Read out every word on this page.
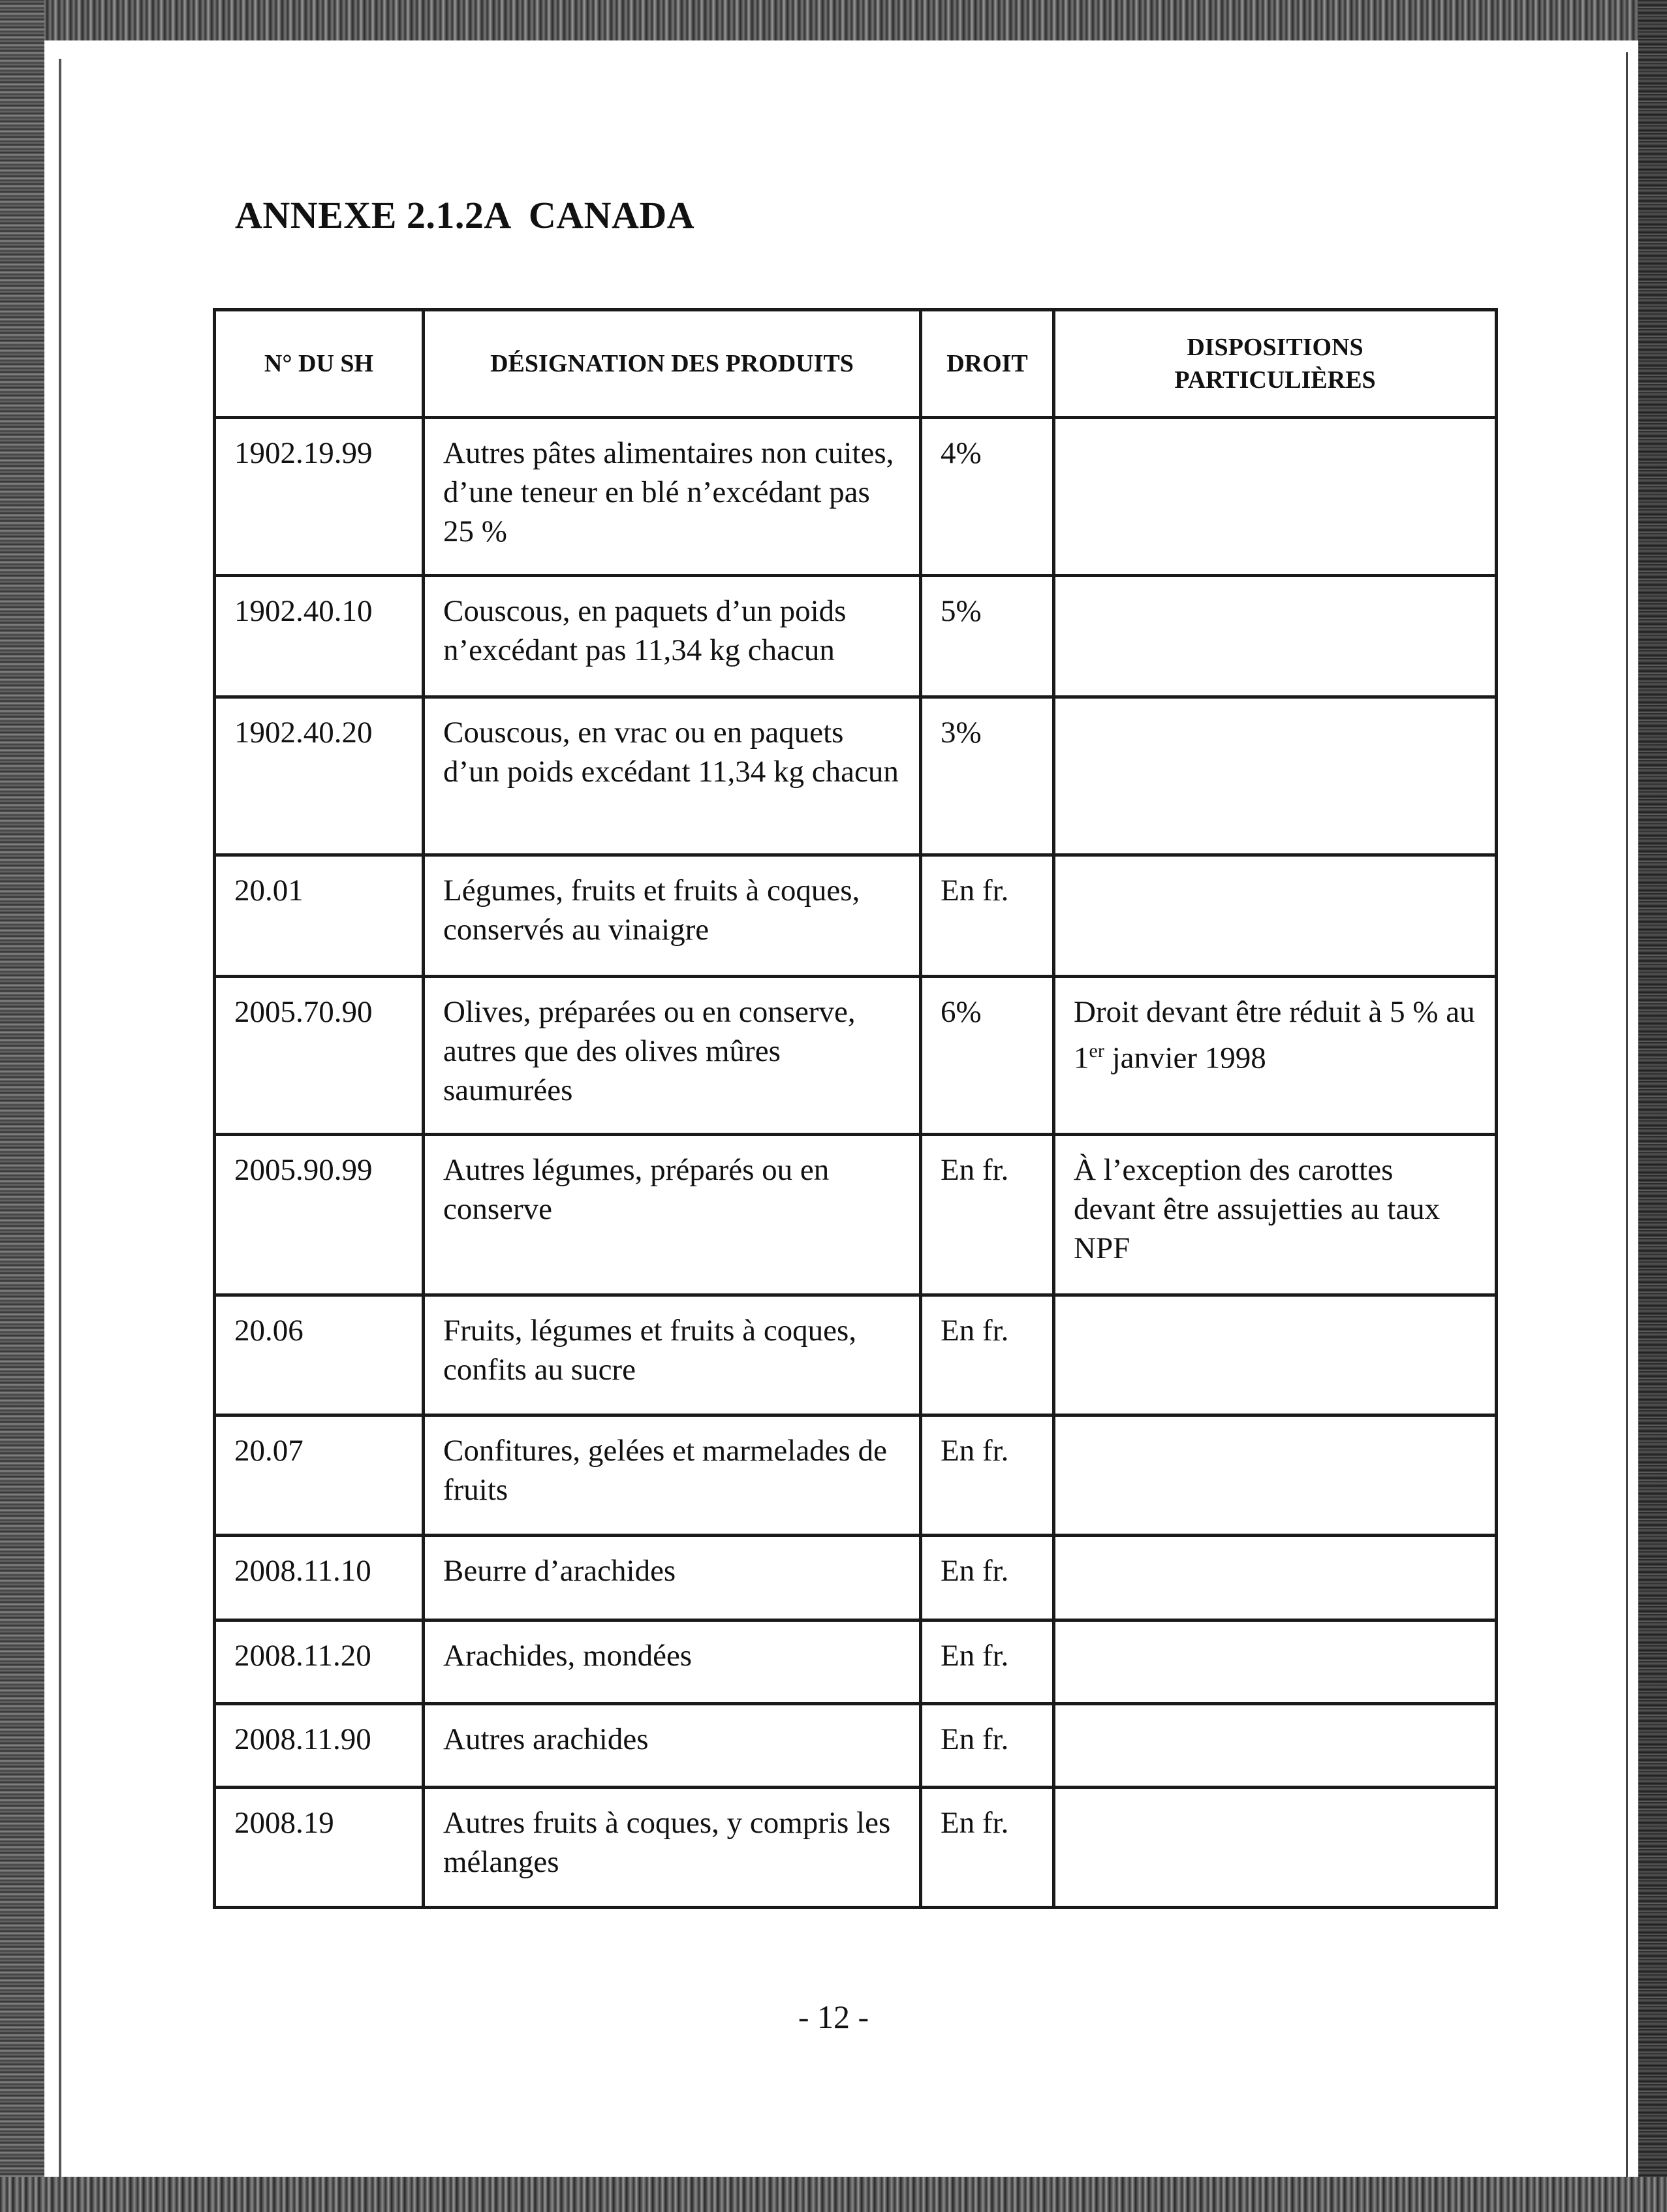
ANNEXE 2.1.2A CANADA
N° DU SH	DÉSIGNATION DES PRODUITS	DROIT	DISPOSITIONS PARTICULIÈRES
1902.19.99	Autres pâtes alimentaires non cuites, d’une teneur en blé n’excédant pas 25 %	4%	
1902.40.10	Couscous, en paquets d’un poids n’excédant pas 11,34 kg chacun	5%	
1902.40.20	Couscous, en vrac ou en paquets d’un poids excédant 11,34 kg chacun	3%	
20.01	Légumes, fruits et fruits à coques, conservés au vinaigre	En fr.	
2005.70.90	Olives, préparées ou en conserve, autres que des olives mûres saumurées	6%	Droit devant être réduit à 5 % au 1er janvier 1998
2005.90.99	Autres légumes, préparés ou en conserve	En fr.	À l’exception des carottes devant être assujetties au taux NPF
20.06	Fruits, légumes et fruits à coques, confits au sucre	En fr.	
20.07	Confitures, gelées et marmelades de fruits	En fr.	
2008.11.10	Beurre d’arachides	En fr.	
2008.11.20	Arachides, mondées	En fr.	
2008.11.90	Autres arachides	En fr.	
2008.19	Autres fruits à coques, y compris les mélanges	En fr.	
- 12 -
